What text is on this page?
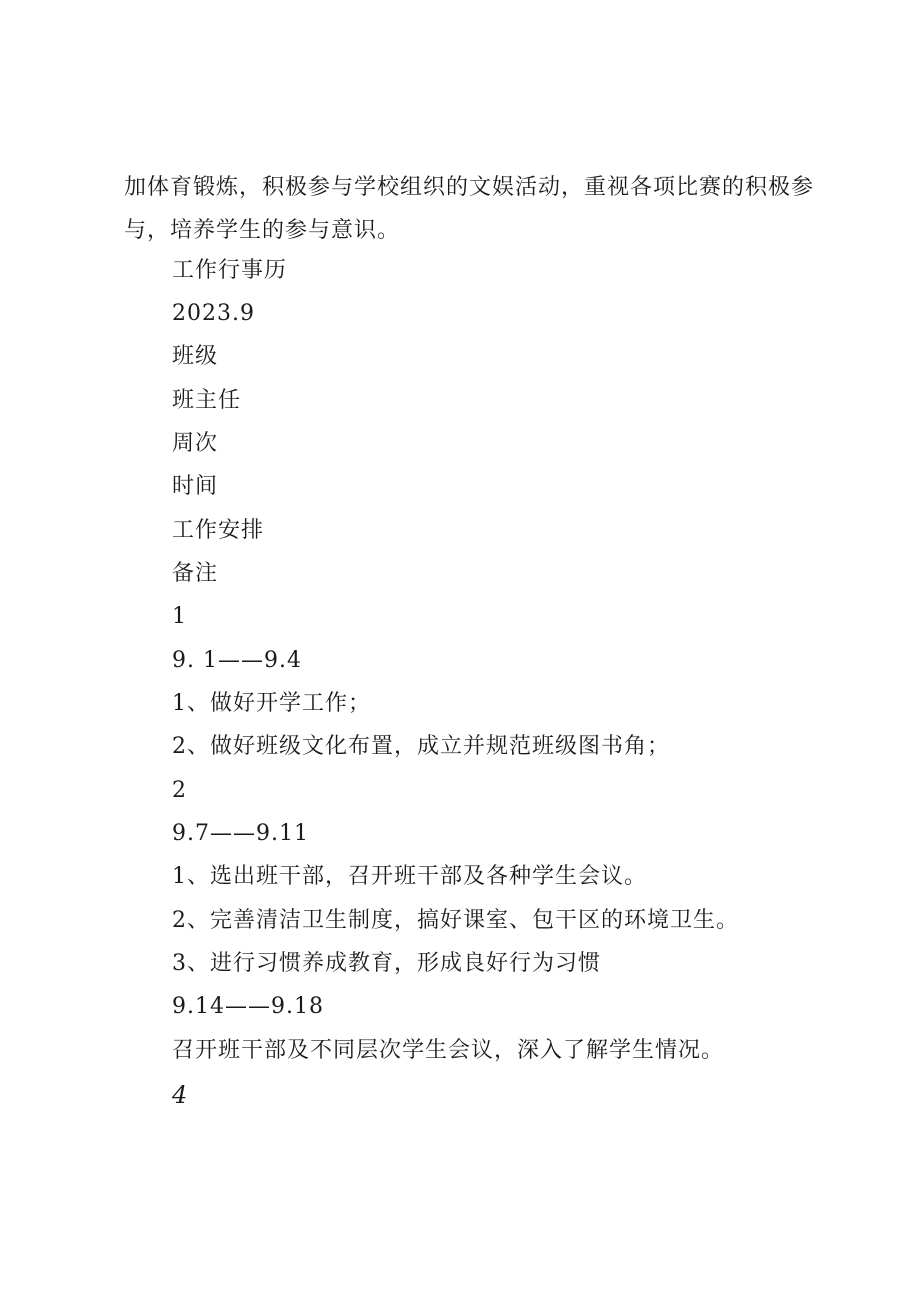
加体育锻炼，积极参与学校组织的文娱活动，重视各项比赛的积极参与，培养学生的参与意识。

工作行事历
2023.9
班级
班主任
周次
时间
工作安排
备注
1
9. 1——9.4
1、做好开学工作；
2、做好班级文化布置，成立并规范班级图书角；
2
9.7——9.11
1、选出班干部，召开班干部及各种学生会议。
2、完善清洁卫生制度，搞好课室、包干区的环境卫生。
3、进行习惯养成教育，形成良好行为习惯
9.14——9.18
召开班干部及不同层次学生会议，深入了解学生情况。
4
